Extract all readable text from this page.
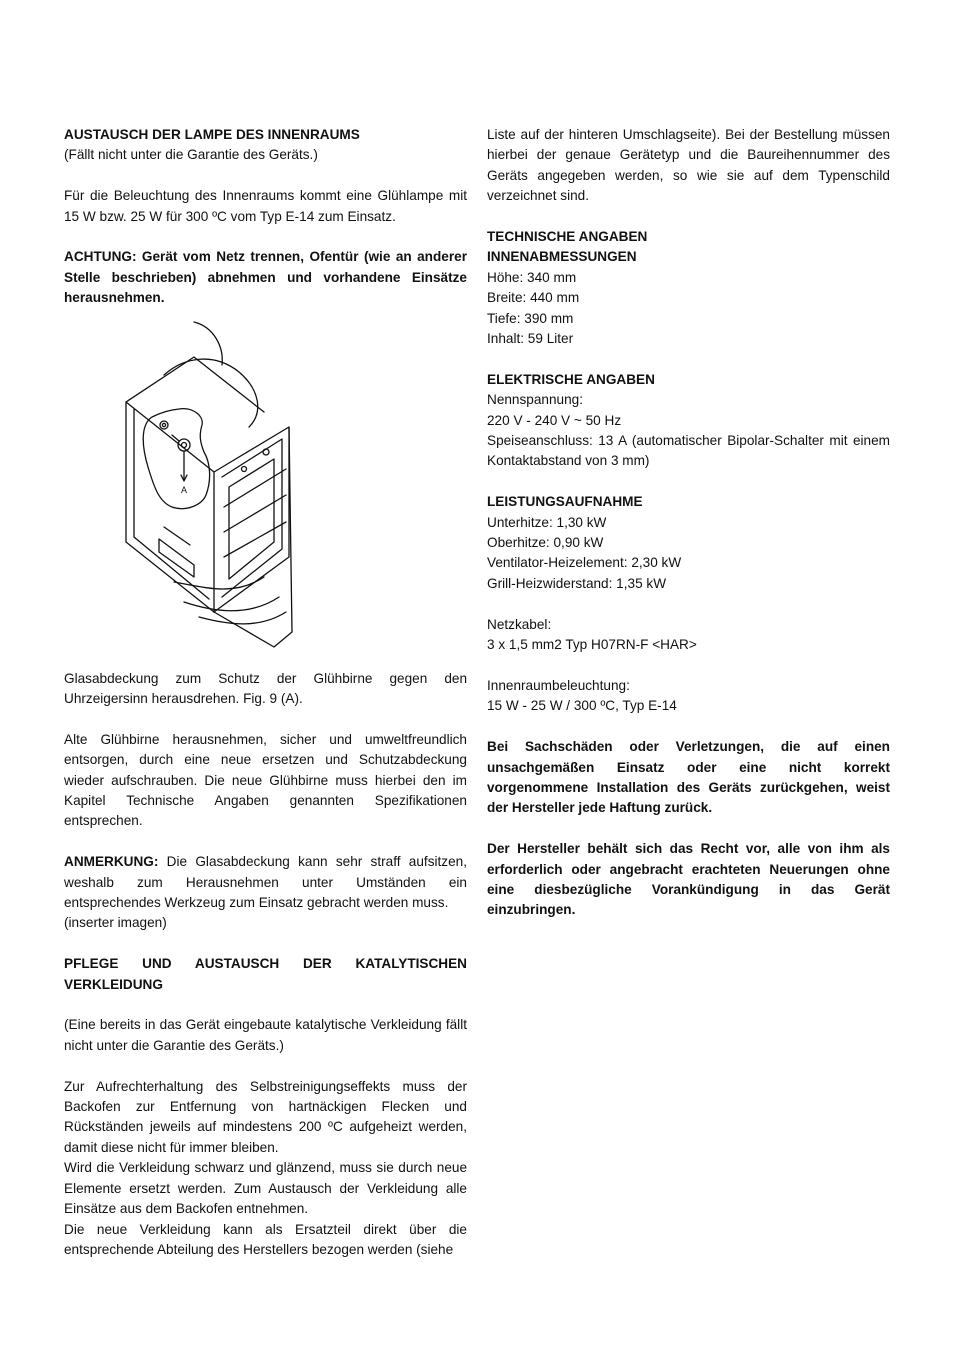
AUSTAUSCH DER LAMPE DES INNENRAUMS

(Fällt nicht unter die Garantie des Geräts.)

Für die Beleuchtung des Innenraums kommt eine Glühlampe mit 15 W bzw. 25 W für 300 ºC vom Typ E-14 zum Einsatz.

ACHTUNG: Gerät vom Netz trennen, Ofentür (wie an anderer Stelle beschrieben) abnehmen und vorhandene Einsätze herausnehmen.

A

Glasabdeckung zum Schutz der Glühbirne gegen den Uhrzeigersinn herausdrehen. Fig. 9 (A).

Alte Glühbirne herausnehmen, sicher und umweltfreundlich entsorgen, durch eine neue ersetzen und Schutzabdeckung wieder aufschrauben. Die neue Glühbirne muss hierbei den im Kapitel Technische Angaben genannten Spezifikationen entsprechen.

ANMERKUNG: Die Glasabdeckung kann sehr straff aufsitzen, weshalb zum Herausnehmen unter Umständen ein entsprechendes Werkzeug zum Einsatz gebracht werden muss.

(inserter imagen)

PFLEGE UND AUSTAUSCH DER KATALYTISCHEN VERKLEIDUNG

(Eine bereits in das Gerät eingebaute katalytische Verkleidung fällt nicht unter die Garantie des Geräts.)

Zur Aufrechterhaltung des Selbstreinigungseffekts muss der Backofen zur Entfernung von hartnäckigen Flecken und Rückständen jeweils auf mindestens 200 ºC aufgeheizt werden, damit diese nicht für immer bleiben.

Wird die Verkleidung schwarz und glänzend, muss sie durch neue Elemente ersetzt werden. Zum Austausch der Verkleidung alle Einsätze aus dem Backofen entnehmen.

Die neue Verkleidung kann als Ersatzteil direkt über die entsprechende Abteilung des Herstellers bezogen werden (siehe

Liste auf der hinteren Umschlagseite). Bei der Bestellung müssen hierbei der genaue Gerätetyp und die Baureihennummer des Geräts angegeben werden, so wie sie auf dem Typenschild verzeichnet sind.

TECHNISCHE ANGABEN

INNENABMESSUNGEN

Höhe: 340 mm

Breite: 440 mm

Tiefe: 390 mm

Inhalt: 59 Liter

ELEKTRISCHE ANGABEN

Nennspannung:

220 V - 240 V ~ 50 Hz

Speiseanschluss: 13 A (automatischer Bipolar-Schalter mit einem Kontaktabstand von 3 mm)

LEISTUNGSAUFNAHME

Unterhitze: 1,30 kW

Oberhitze: 0,90 kW

Ventilator-Heizelement: 2,30 kW

Grill-Heizwiderstand: 1,35 kW

Netzkabel:

3 x 1,5 mm2 Typ H07RN-F <HAR>

Innenraumbeleuchtung:

15 W - 25 W / 300 ºC, Typ E-14

Bei Sachschäden oder Verletzungen, die auf einen unsachgemäßen Einsatz oder eine nicht korrekt vorgenommene Installation des Geräts zurückgehen, weist der Hersteller jede Haftung zurück.

Der Hersteller behält sich das Recht vor, alle von ihm als erforderlich oder angebracht erachteten Neuerungen ohne eine diesbezügliche Vorankündigung in das Gerät einzubringen.
